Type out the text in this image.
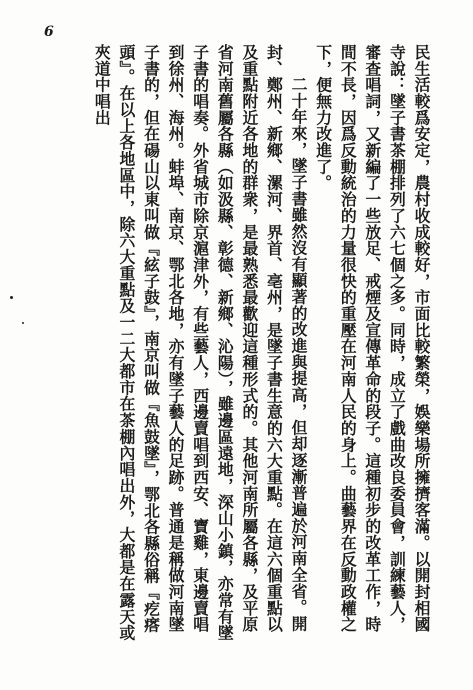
6

民生活較爲安定，農村收成較好，市面比較繁榮，娛樂場所擁擠客滿。以開封相國寺說：墜子書茶棚排列了六七個之多。同時，成立了戲曲改良委員會，訓練藝人，審查唱詞，又新編了一些放足、戒煙及宣傳革命的段子。這種初步的改革工作，時間不長，因爲反動統治的力量很快的重壓在河南人民的身上。曲藝界在反動政權之下，便無力改進了。

二十年來，墜子書雖然沒有顯著的改進與提高，但却逐漸普遍於河南全省。開封、鄭州、新鄉、漯河、界首、亳州，是墜子書生意的六大重點。在這六個重點以及重點附近各地的群衆，是最熟悉最歡迎這種形式的。其他河南所屬各縣，及平原省河南舊屬各縣（如汲縣、彰德、新鄉、沁陽），雖邊區遠地，深山小鎮，亦常有墜子書的唱奏。外省城市除京滬津外，有些藝人，西邊賣唱到西安、寶雞，東邊賣唱到徐州、海州。蚌埠、南京、鄂北各地，亦有墜子藝人的足跡。普通是稱做河南墜子書的，但在碭山以東叫做『絃子鼓』，南京叫做『魚鼓墜』，鄂北各縣俗稱『疙瘩頭』。在以上各地區中，除六大重點及一二大都市在茶棚內唱出外，大都是在露天或夾道中唱出
